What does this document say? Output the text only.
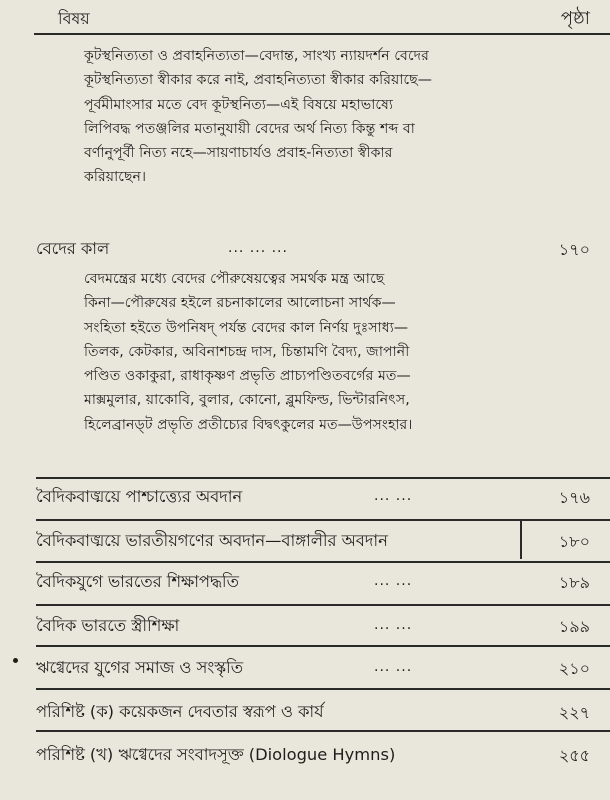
বিষয়	পৃষ্ঠা
কূটস্থনিত্যতা ও প্রবাহনিত্যতা—বেদান্ত, সাংখ্য ন্যায়দর্শন বেদের
কূটস্থনিত্যতা স্বীকার করে নাই, প্রবাহনিত্যতা স্বীকার করিয়াছে—
পূর্বমীমাংসার মতে বেদ কূটস্থনিত্য—এই বিষয়ে মহাভাষ্যে
লিপিবদ্ধ পতঞ্জলির মতানুযায়ী বেদের অর্থ নিত্য কিন্তু শব্দ বা
বর্ণানুপূর্বী নিত্য নহে—সায়ণাচার্যও প্রবাহ-নিত্যতা স্বীকার
করিয়াছেন।
বেদের কাল	... ... ...	১৭০
বেদমন্ত্রের মধ্যে বেদের পৌরুষেয়ত্বের সমর্থক মন্ত্র আছে
কিনা—পৌরুষের হইলে রচনাকালের আলোচনা সার্থক—
সংহিতা হইতে উপনিষদ্ পর্যন্ত বেদের কাল নির্ণয় দুঃসাধ্য—
তিলক, কেটকার, অবিনাশচন্দ্র দাস, চিন্তামণি বৈদ্য, জাপানী
পণ্ডিত ওকাকুরা, রাধাকৃষ্ণণ প্রভৃতি প্রাচ্যপণ্ডিতবর্গের মত—
মাক্সমুলার, য়াকোবি, বুলার, কোনো, ব্লুমফিল্ড, ভিন্টারনিৎস,
হিলেব্রানড্ট প্রভৃতি প্রতীচ্যের বিদ্বৎকুলের মত—উপসংহার।
বৈদিকবাঙ্ময়ে পাশ্চাত্ত্যের অবদান	... ...	১৭৬
বৈদিকবাঙ্ময়ে ভারতীয়গণের অবদান—বাঙ্গালীর অবদান	১৮০
বৈদিকযুগে ভারতের শিক্ষাপদ্ধতি	... ...	১৮৯
বৈদিক ভারতে স্ত্রীশিক্ষা	... ...	১৯৯
ঋগ্বেদের যুগের সমাজ ও সংস্কৃতি	... ...	২১০
পরিশিষ্ট (ক) কয়েকজন দেবতার স্বরূপ ও কার্য	২২৭
পরিশিষ্ট (খ) ঋগ্বেদের সংবাদসূক্ত (Diologue Hymns)	২৫৫
